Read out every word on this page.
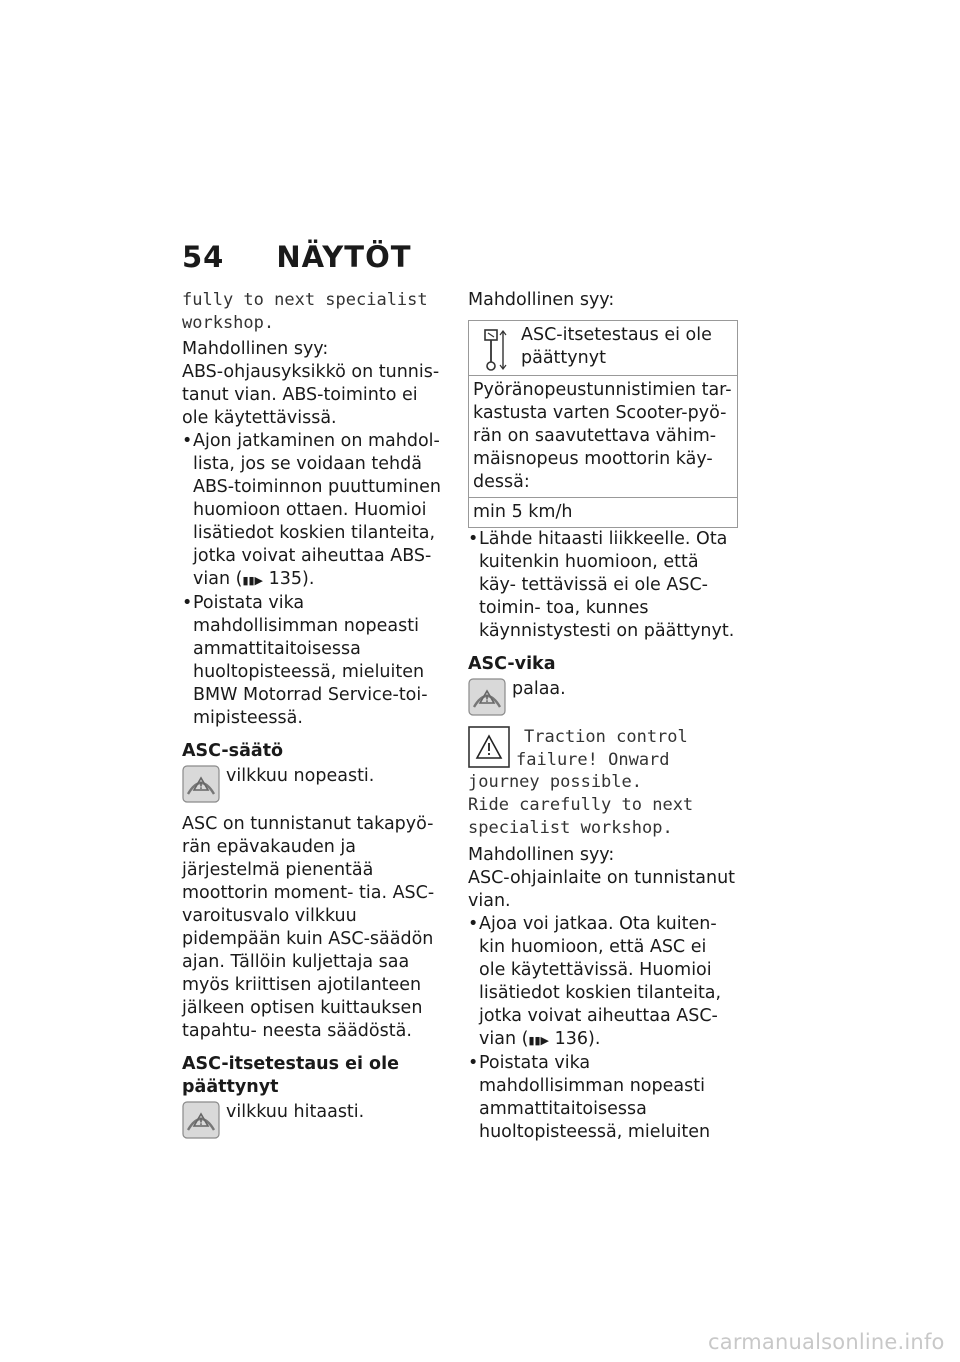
54 NÄYTÖT

fully to next specialist

workshop.

Mahdollinen syy:

ABS-ohjausyksikkö on tunnis- tanut vian. ABS-toiminto ei ole käytettävissä.

• Ajon jatkaminen on mahdol- lista, jos se voidaan tehdä ABS-toiminnon puuttuminen huomioon ottaen. Huomioi lisätiedot koskien tilanteita, jotka voivat aiheuttaa ABS- vian (▮▮▶ 135).
• Poistata vika mahdollisimman nopeasti ammattitaitoisessa huoltopisteessä, mieluiten BMW Motorrad Service-toi- mipisteessä.

ASC-säätö

vilkkuu nopeasti.

ASC on tunnistanut takapyö- rän epävakauden ja järjestelmä pienentää moottorin moment- tia. ASC-varoitusvalo vilkkuu pidempään kuin ASC-säädön ajan. Tällöin kuljettaja saa myös kriittisen ajotilanteen jälkeen optisen kuittauksen tapahtu- neesta säädöstä.

ASC-itsetestaus ei ole
päättynyt

vilkkuu hitaasti.

Mahdollinen syy:

ASC-itsetestaus ei ole
päättynyt

Pyöränopeustunnistimien tar- kastusta varten Scooter-pyö- rän on saavutettava vähim- mäisnopeus moottorin käy- dessä:
min 5 km/h
• Lähde hitaasti liikkeelle. Ota kuitenkin huomioon, että käy- tettävissä ei ole ASC-toimin- toa, kunnes käynnistystesti on päättynyt.

ASC-vika

palaa.

Traction control

failure! Onward

journey possible.

Ride carefully to next

specialist workshop.

Mahdollinen syy:

ASC-ohjainlaite on tunnistanut vian.

• Ajoa voi jatkaa. Ota kuiten- kin huomioon, että ASC ei ole käytettävissä. Huomioi lisätiedot koskien tilanteita, jotka voivat aiheuttaa ASC- vian (▮▮▶ 136).
• Poistata vika mahdollisimman nopeasti ammattitaitoisessa huoltopisteessä, mieluiten
carmanualsonline.info
